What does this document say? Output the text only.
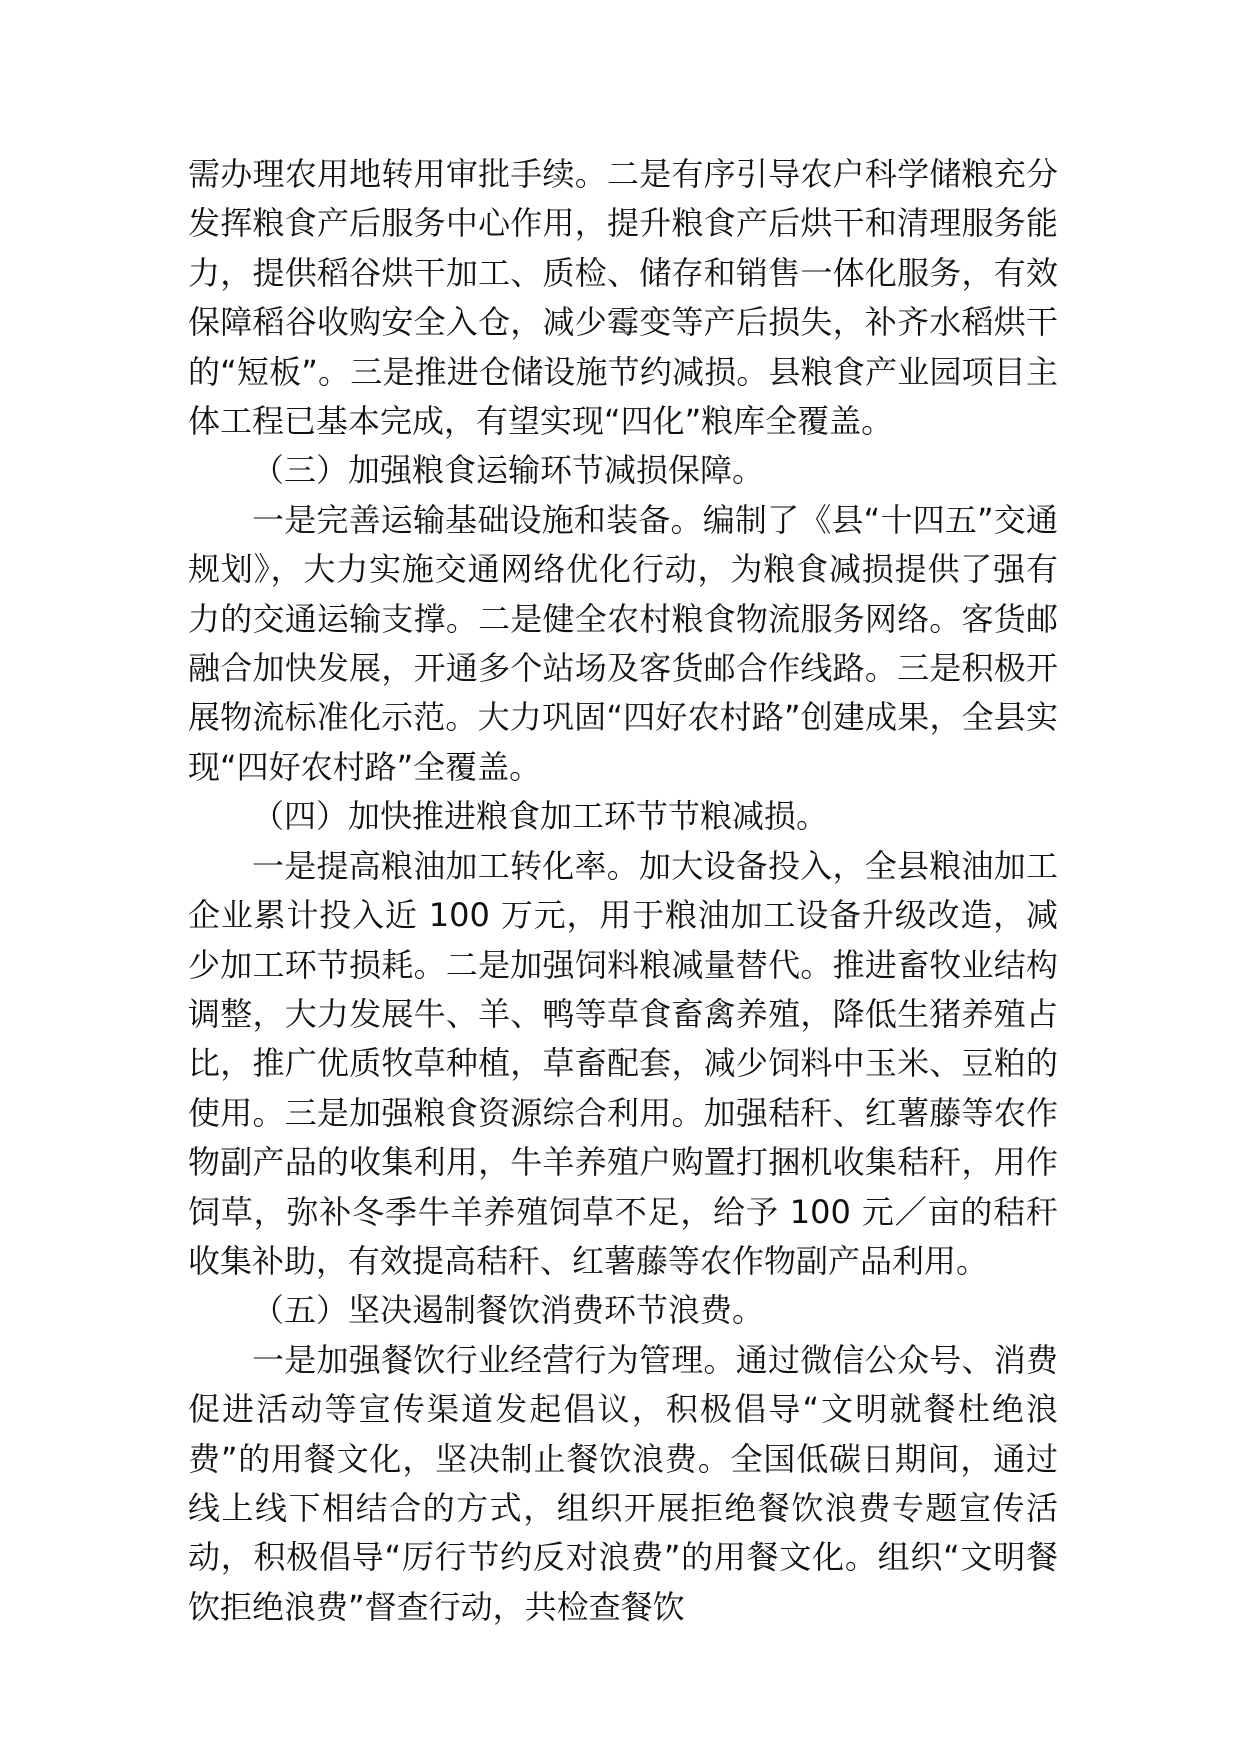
需办理农用地转用审批手续。二是有序引导农户科学储粮充分发挥粮食产后服务中心作用，提升粮食产后烘干和清理服务能力，提供稻谷烘干加工、质检、储存和销售一体化服务，有效保障稻谷收购安全入仓，减少霉变等产后损失，补齐水稻烘干的“短板”。三是推进仓储设施节约减损。县粮食产业园项目主体工程已基本完成，有望实现“四化”粮库全覆盖。

（三）加强粮食运输环节减损保障。

一是完善运输基础设施和装备。编制了《县“十四五”交通规划》，大力实施交通网络优化行动，为粮食减损提供了强有力的交通运输支撑。二是健全农村粮食物流服务网络。客货邮融合加快发展，开通多个站场及客货邮合作线路。三是积极开展物流标准化示范。大力巩固“四好农村路”创建成果，全县实现“四好农村路”全覆盖。

（四）加快推进粮食加工环节节粮减损。

一是提高粮油加工转化率。加大设备投入，全县粮油加工企业累计投入近 100 万元，用于粮油加工设备升级改造，减少加工环节损耗。二是加强饲料粮减量替代。推进畜牧业结构调整，大力发展牛、羊、鸭等草食畜禽养殖，降低生猪养殖占比，推广优质牧草种植，草畜配套，减少饲料中玉米、豆粕的使用。三是加强粮食资源综合利用。加强秸秆、红薯藤等农作物副产品的收集利用，牛羊养殖户购置打捆机收集秸秆，用作饲草，弥补冬季牛羊养殖饲草不足，给予 100 元／亩的秸秆收集补助，有效提高秸秆、红薯藤等农作物副产品利用。

（五）坚决遏制餐饮消费环节浪费。

一是加强餐饮行业经营行为管理。通过微信公众号、消费促进活动等宣传渠道发起倡议，积极倡导“文明就餐杜绝浪费”的用餐文化，坚决制止餐饮浪费。全国低碳日期间，通过线上线下相结合的方式，组织开展拒绝餐饮浪费专题宣传活动，积极倡导“厉行节约反对浪费”的用餐文化。组织“文明餐饮拒绝浪费”督查行动，共检查餐饮
